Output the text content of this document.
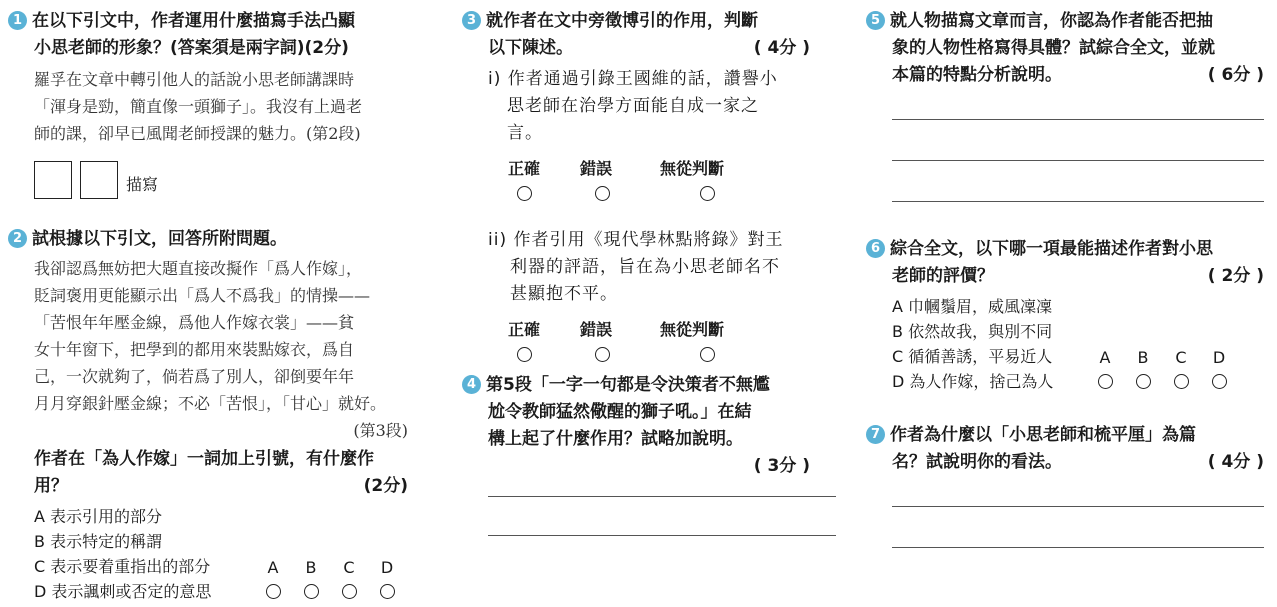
1 在以下引文中，作者運用什麼描寫手法凸顯
小思老師的形象？(答案須是兩字詞)(2分)
羅孚在文章中轉引他人的話說小思老師講課時
「渾身是勁，簡直像一頭獅子」。我沒有上過老
師的課，卻早已風聞老師授課的魅力。(第2段)
描寫
2 試根據以下引文，回答所附問題。
我卻認爲無妨把大題直接改擬作「爲人作嫁」，
貶詞褒用更能顯示出「爲人不爲我」的情操——
「苦恨年年壓金線，爲他人作嫁衣裳」——貧
女十年窗下，把學到的都用來裝點嫁衣，爲自
己，一次就夠了，倘若爲了別人，卻倒要年年
月月穿銀針壓金線；不必「苦恨」，「甘心」就好。
(第3段)
作者在「為人作嫁」一詞加上引號，有什麼作
用？	(2分)
A 表示引用的部分
B 表示特定的稱謂
C 表示要着重指出的部分
D 表示諷刺或否定的意思
A B C D
3 就作者在文中旁徵博引的作用，判斷
以下陳述。	( 4分 )
i) 作者通過引錄王國維的話，讚譽小
思老師在治學方面能自成一家之
言。
正確	錯誤	無從判斷

ii) 作者引用《現代學林點將錄》對王
利器的評語，旨在為小思老師名不
甚顯抱不平。
正確	錯誤	無從判斷

4 第5段「一字一句都是令決策者不無尷
尬令教師猛然儆醒的獅子吼。」在結
構上起了什麼作用？試略加說明。
( 3分 )
5 就人物描寫文章而言，你認為作者能否把抽
象的人物性格寫得具體？試綜合全文，並就
本篇的特點分析說明。	( 6分 )
6 綜合全文，以下哪一項最能描述作者對小思
老師的評價？	( 2分 )
A 巾幗鬚眉，威風凜凜
B 依然故我，與別不同
C 循循善誘，平易近人
D 為人作嫁，捨己為人
A B C D
7 作者為什麼以「小思老師和梳平厘」為篇
名？試說明你的看法。	( 4分 )
